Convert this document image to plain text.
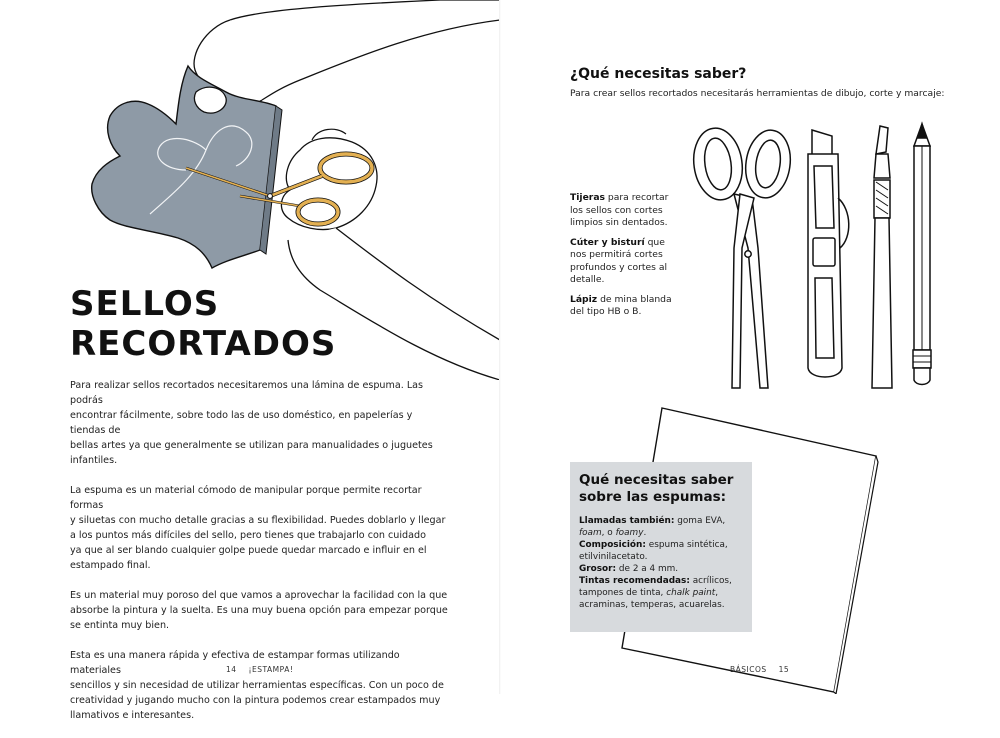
SELLOS
RECORTADOS

Para realizar sellos recortados necesitaremos una lámina de espuma. Las podrás
encontrar fácilmente, sobre todo las de uso doméstico, en papelerías y tiendas de
bellas artes ya que generalmente se utilizan para manualidades o juguetes infantiles.

La espuma es un material cómodo de manipular porque permite recortar formas
y siluetas con mucho detalle gracias a su flexibilidad. Puedes doblarlo y llegar
a los puntos más difíciles del sello, pero tienes que trabajarlo con cuidado
ya que al ser blando cualquier golpe puede quedar marcado e influir en el
estampado final.

Es un material muy poroso del que vamos a aprovechar la facilidad con la que
absorbe la pintura y la suelta. Es una muy buena opción para empezar porque
se entinta muy bien.

Esta es una manera rápida y efectiva de estampar formas utilizando materiales
sencillos y sin necesidad de utilizar herramientas específicas. Con un poco de
creatividad y jugando mucho con la pintura podemos crear estampados muy
llamativos e interesantes.

14 ¡ESTAMPA!
¿Qué necesitas saber?
Para crear sellos recortados necesitarás herramientas de dibujo, corte y marcaje:

Tijeras para recortar los sellos con cortes limpios sin dentados.

Cúter y bisturí que nos permitirá cortes profundos y cortes al detalle.

Lápiz de mina blanda del tipo HB o B.

Qué necesitas saber sobre las espumas:
Llamadas también: goma EVA, foam, o foamy.
Composición: espuma sintética, etilvinilacetato.
Grosor: de 2 a 4 mm.
Tintas recomendadas: acrílicos, tampones de tinta, chalk paint, acraminas, temperas, acuarelas.
BÁSICOS 15
